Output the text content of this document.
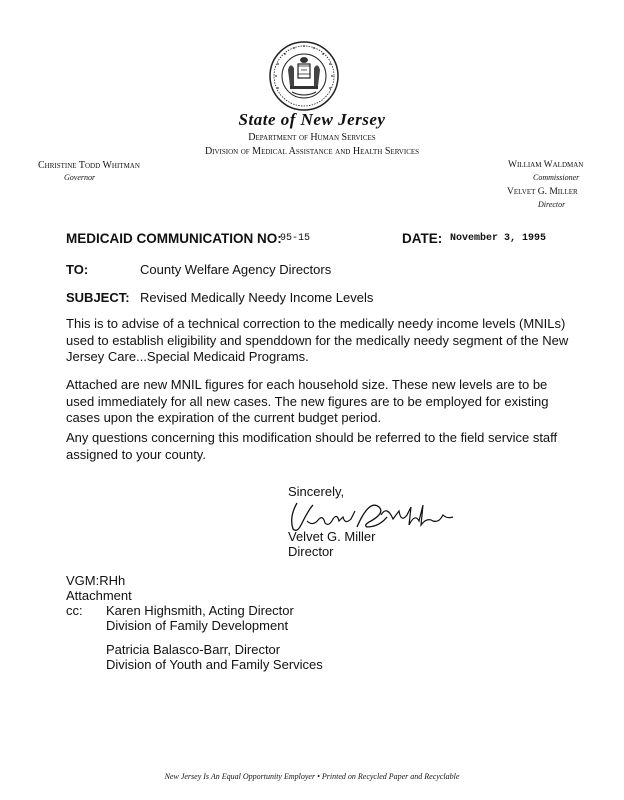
State of New Jersey
Department of Human Services
Division of Medical Assistance and Health Services
Christine Todd Whitman
Governor
William Waldman
Commissioner
Velvet G. Miller
Director
MEDICAID COMMUNICATION NO:
95-15	DATE: November 3, 1995
TO:	County Welfare Agency Directors
SUBJECT: Revised Medically Needy Income Levels
This is to advise of a technical correction to the medically needy income levels (MNILs) used to establish eligibility and spenddown for the medically needy segment of the New Jersey Care...Special Medicaid Programs.
Attached are new MNIL figures for each household size. These new levels are to be used immediately for all new cases. The new figures are to be employed for existing cases upon the expiration of the current budget period.
Any questions concerning this modification should be referred to the field service staff assigned to your county.
Sincerely,
Velvet G. Miller
Director
VGM:RHh
Attachment
cc: Karen Highsmith, Acting Director
Division of Family Development
Patricia Balasco-Barr, Director
Division of Youth and Family Services
New Jersey Is An Equal Opportunity Employer • Printed on Recycled Paper and Recyclable
